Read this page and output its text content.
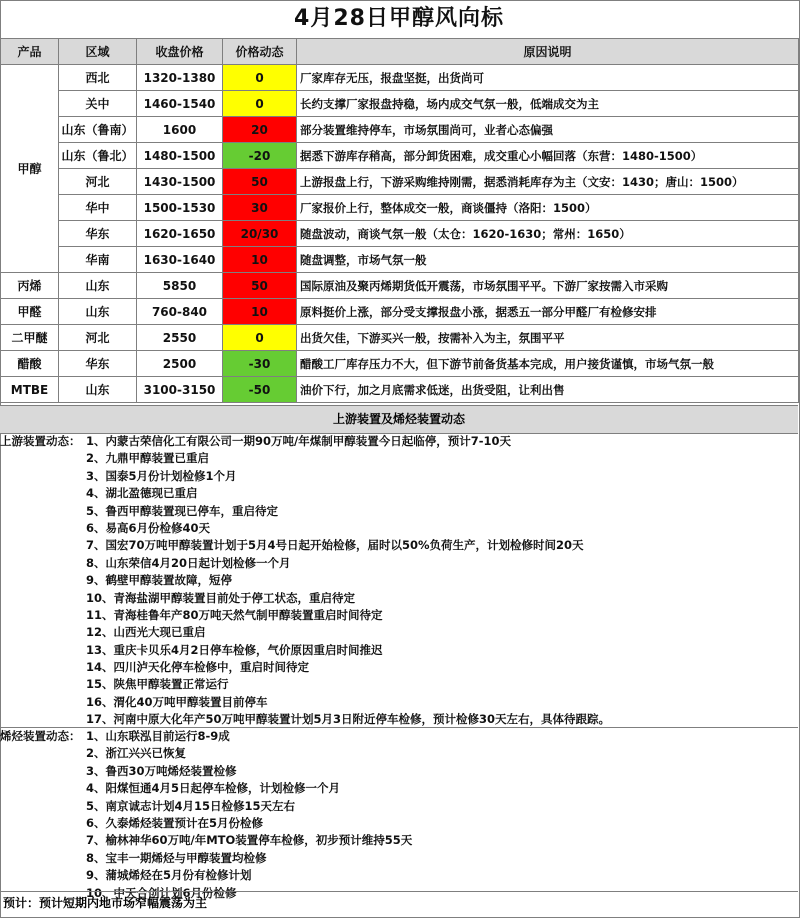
4月28日甲醇风向标
产品	区域	收盘价格	价格动态	原因说明
甲醇	西北	1320-1380	0	厂家库存无压，报盘坚挺，出货尚可
	关中	1460-1540	0	长约支撑厂家报盘持稳，场内成交气氛一般，低端成交为主
	山东（鲁南）	1600	20	部分装置维持停车，市场氛围尚可，业者心态偏强
	山东（鲁北）	1480-1500	-20	据悉下游库存稍高，部分卸货困难，成交重心小幅回落（东营：1480-1500）
	河北	1430-1500	50	上游报盘上行，下游采购维持刚需，据悉消耗库存为主（文安：1430；唐山：1500）
	华中	1500-1530	30	厂家报价上行，整体成交一般，商谈僵持（洛阳：1500）
	华东	1620-1650	20/30	随盘波动，商谈气氛一般（太仓：1620-1630；常州：1650）
	华南	1630-1640	10	随盘调整，市场气氛一般
丙烯	山东	5850	50	国际原油及聚丙烯期货低开震荡，市场氛围平平。下游厂家按需入市采购
甲醛	山东	760-840	10	原料挺价上涨，部分受支撑报盘小涨，据悉五一部分甲醛厂有检修安排
二甲醚	河北	2550	0	出货欠佳，下游买兴一般，按需补入为主，氛围平平
醋酸	华东	2500	-30	醋酸工厂库存压力不大，但下游节前备货基本完成，用户接货谨慎，市场气氛一般
MTBE	山东	3100-3150	-50	油价下行，加之月底需求低迷，出货受阻，让利出售
上游装置及烯烃装置动态
上游装置动态： 1、内蒙古荣信化工有限公司一期90万吨/年煤制甲醇装置今日起临停，预计7-10天
2、九鼎甲醇装置已重启
3、国泰5月份计划检修1个月
4、湖北盈德现已重启
5、鲁西甲醇装置现已停车，重启待定
6、易高6月份检修40天
7、国宏70万吨甲醇装置计划于5月4号日起开始检修，届时以50%负荷生产，计划检修时间20天
8、山东荣信4月20日起计划检修一个月
9、鹤壁甲醇装置故障，短停
10、青海盐湖甲醇装置目前处于停工状态，重启待定
11、青海桂鲁年产80万吨天然气制甲醇装置重启时间待定
12、山西光大现已重启
13、重庆卡贝乐4月2日停车检修，气价原因重启时间推迟
14、四川泸天化停车检修中，重启时间待定
15、陕焦甲醇装置正常运行
16、渭化40万吨甲醇装置目前停车
17、河南中原大化年产50万吨甲醇装置计划5月3日附近停车检修，预计检修30天左右，具体待跟踪。
烯烃装置动态： 1、山东联泓目前运行8-9成
2、浙江兴兴已恢复
3、鲁西30万吨烯烃装置检修
4、阳煤恒通4月5日起停车检修，计划检修一个月
5、南京诚志计划4月15日检修15天左右
6、久泰烯烃装置预计在5月份检修
7、榆林神华60万吨/年MTO装置停车检修，初步预计维持55天
8、宝丰一期烯烃与甲醇装置均检修
9、蒲城烯烃在5月份有检修计划
10、中天合创计划6月份检修
预计：预计短期内地市场窄幅震荡为主
